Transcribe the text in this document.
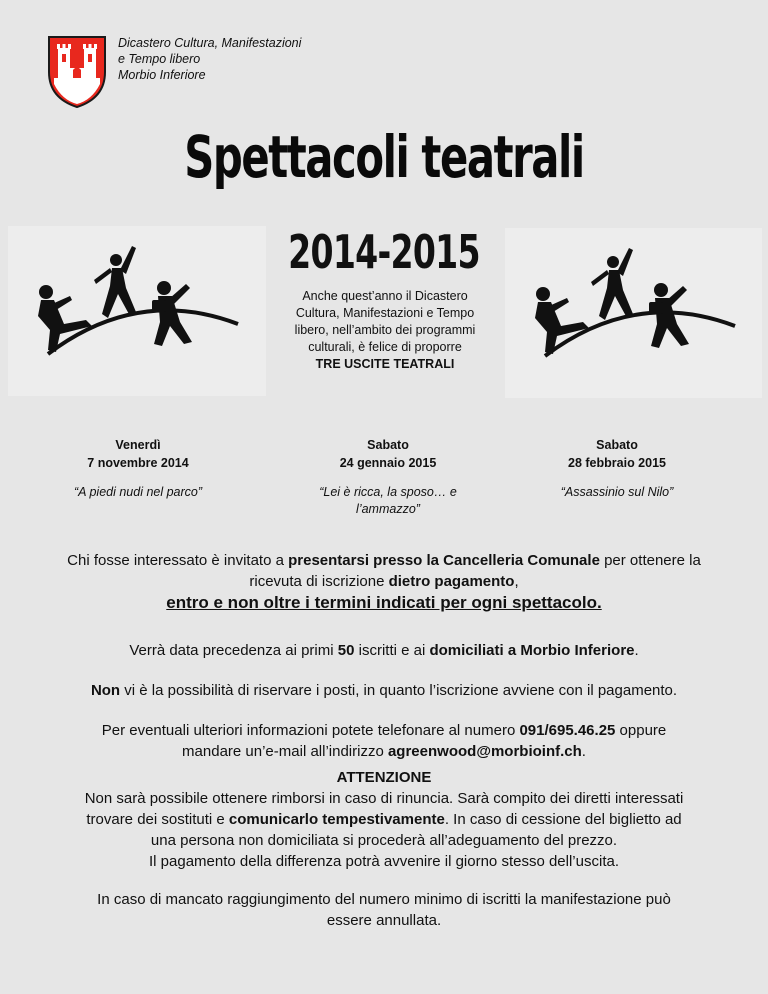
Dicastero Cultura, Manifestazioni
e Tempo libero
Morbio Inferiore
Spettacoli teatrali
2014-2015
Anche quest’anno il Dicastero
Cultura, Manifestazioni e Tempo
libero, nell’ambito dei programmi
culturali, è felice di proporre
TRE USCITE TEATRALI
Venerdì
7 novembre 2014
“A piedi nudi nel parco”
Sabato
24 gennaio 2015
“Lei è ricca, la sposo… e
l’ammazzo”
Sabato
28 febbraio 2015
“Assassinio sul Nilo”
Chi fosse interessato è invitato a presentarsi presso la Cancelleria Comunale per ottenere la
ricevuta di iscrizione dietro pagamento,
entro e non oltre i termini indicati per ogni spettacolo.
Verrà data precedenza ai primi 50 iscritti e ai domiciliati a Morbio Inferiore.
Non vi è la possibilità di riservare i posti, in quanto l’iscrizione avviene con il pagamento.
Per eventuali ulteriori informazioni potete telefonare al numero 091/695.46.25 oppure
mandare un’e-mail all’indirizzo agreenwood@morbioinf.ch.
ATTENZIONE
Non sarà possibile ottenere rimborsi in caso di rinuncia. Sarà compito dei diretti interessati
trovare dei sostituti e comunicarlo tempestivamente. In caso di cessione del biglietto ad
una persona non domiciliata si procederà all’adeguamento del prezzo.
Il pagamento della differenza potrà avvenire il giorno stesso dell’uscita.
In caso di mancato raggiungimento del numero minimo di iscritti la manifestazione può
essere annullata.
